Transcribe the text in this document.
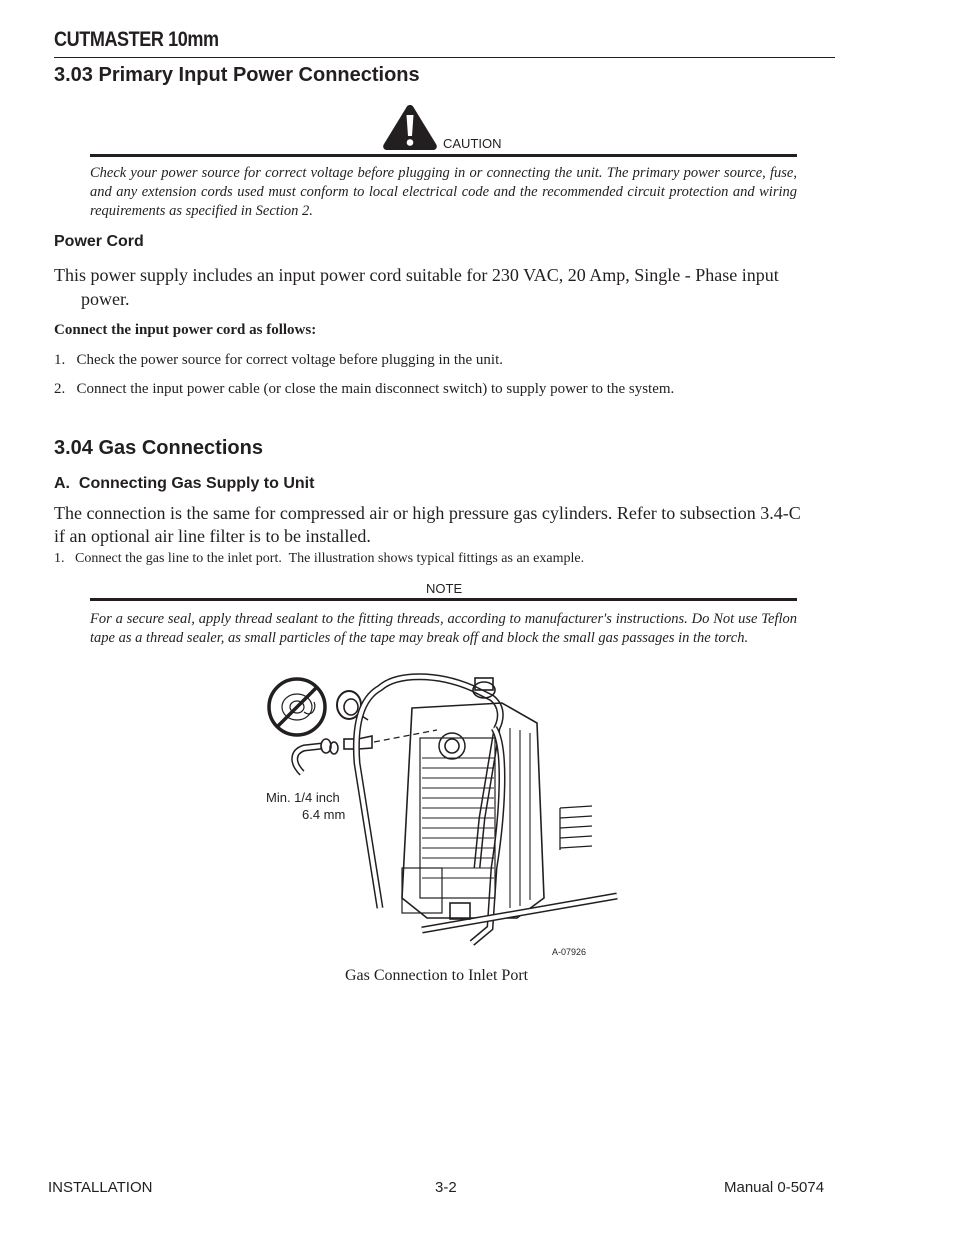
CUTMASTER 10mm
3.03 Primary Input Power Connections
CAUTION
Check your power source for correct voltage before plugging in or connecting the unit. The primary power source, fuse, and any extension cords used must conform to local electrical code and the recommended circuit protection and wiring requirements as specified in Section 2.
Power Cord
This power supply includes an input power cord suitable for 230 VAC, 20 Amp, Single - Phase input
power.
Connect the input power cord as follows:
1.   Check the power source for correct voltage before plugging in the unit.
2.   Connect the input power cable (or close the main disconnect switch) to supply power to the system.
3.04 Gas Connections
A.  Connecting Gas Supply to Unit
The connection is the same for compressed air or high pressure gas cylinders. Refer to subsection 3.4-C
if an optional air line filter is to be installed.
1.   Connect the gas line to the inlet port.  The illustration shows typical fittings as an example.
NOTE
For a secure seal, apply thread sealant to the fitting threads, according to manufacturer's instructions. Do Not use Teflon tape as a thread sealer, as small particles of the tape may break off and block the small gas passages in the torch.
Min. 1/4 inch
6.4 mm
A-07926
Gas Connection to Inlet Port
INSTALLATION	3-2	Manual 0-5074
